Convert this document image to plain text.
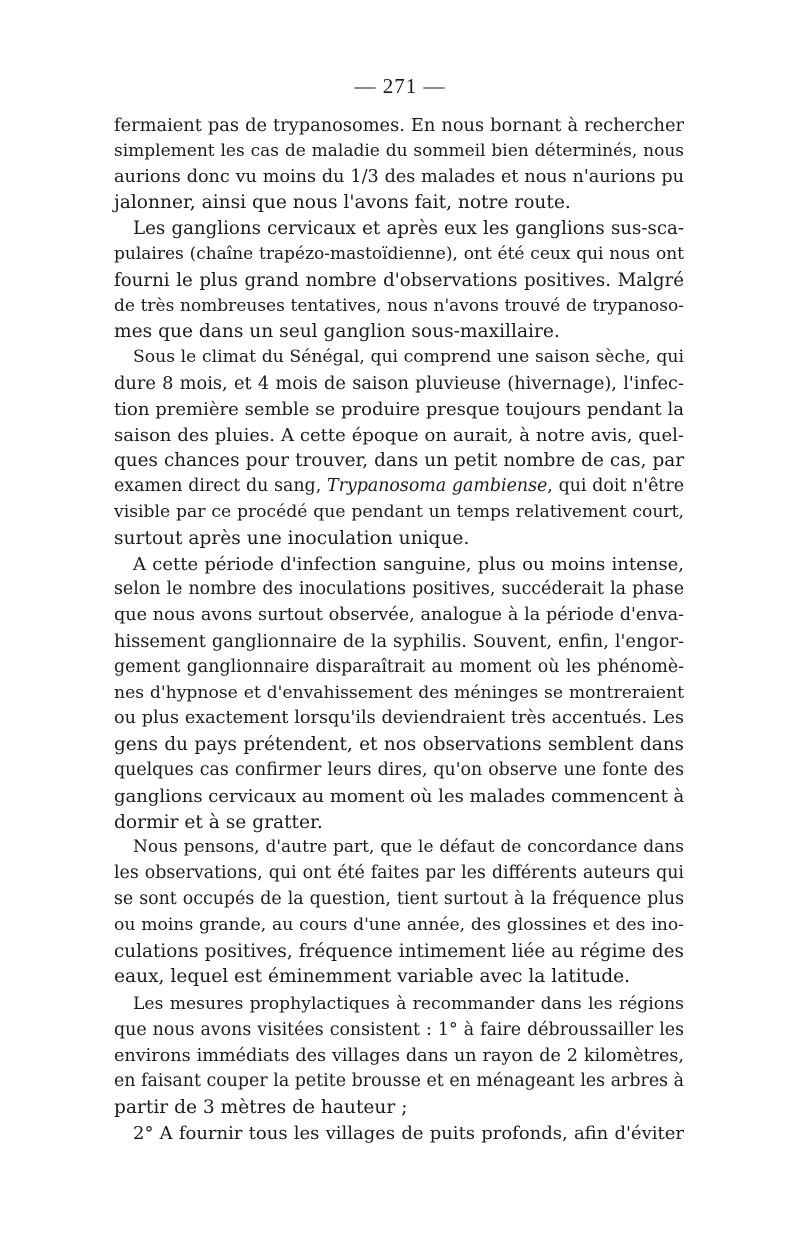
— 271 —
fermaient pas de trypanosomes. En nous bornant à rechercher
simplement les cas de maladie du sommeil bien déterminés, nous
aurions donc vu moins du 1/3 des malades et nous n'aurions pu
jalonner, ainsi que nous l'avons fait, notre route.
Les ganglions cervicaux et après eux les ganglions sus-sca-
pulaires (chaîne trapézo-mastoïdienne), ont été ceux qui nous ont
fourni le plus grand nombre d'observations positives. Malgré
de très nombreuses tentatives, nous n'avons trouvé de trypanoso-
mes que dans un seul ganglion sous-maxillaire.
Sous le climat du Sénégal, qui comprend une saison sèche, qui
dure 8 mois, et 4 mois de saison pluvieuse (hivernage), l'infec-
tion première semble se produire presque toujours pendant la
saison des pluies. A cette époque on aurait, à notre avis, quel-
ques chances pour trouver, dans un petit nombre de cas, par
examen direct du sang, Trypanosoma gambiense, qui doit n'être
visible par ce procédé que pendant un temps relativement court,
surtout après une inoculation unique.
A cette période d'infection sanguine, plus ou moins intense,
selon le nombre des inoculations positives, succéderait la phase
que nous avons surtout observée, analogue à la période d'enva-
hissement ganglionnaire de la syphilis. Souvent, enfin, l'engor-
gement ganglionnaire disparaîtrait au moment où les phénomè-
nes d'hypnose et d'envahissement des méninges se montreraient
ou plus exactement lorsqu'ils deviendraient très accentués. Les
gens du pays prétendent, et nos observations semblent dans
quelques cas confirmer leurs dires, qu'on observe une fonte des
ganglions cervicaux au moment où les malades commencent à
dormir et à se gratter.
Nous pensons, d'autre part, que le défaut de concordance dans
les observations, qui ont été faites par les différents auteurs qui
se sont occupés de la question, tient surtout à la fréquence plus
ou moins grande, au cours d'une année, des glossines et des ino-
culations positives, fréquence intimement liée au régime des
eaux, lequel est éminemment variable avec la latitude.
Les mesures prophylactiques à recommander dans les régions
que nous avons visitées consistent : 1° à faire débroussailler les
environs immédiats des villages dans un rayon de 2 kilomètres,
en faisant couper la petite brousse et en ménageant les arbres à
partir de 3 mètres de hauteur ;
2° A fournir tous les villages de puits profonds, afin d'éviter
